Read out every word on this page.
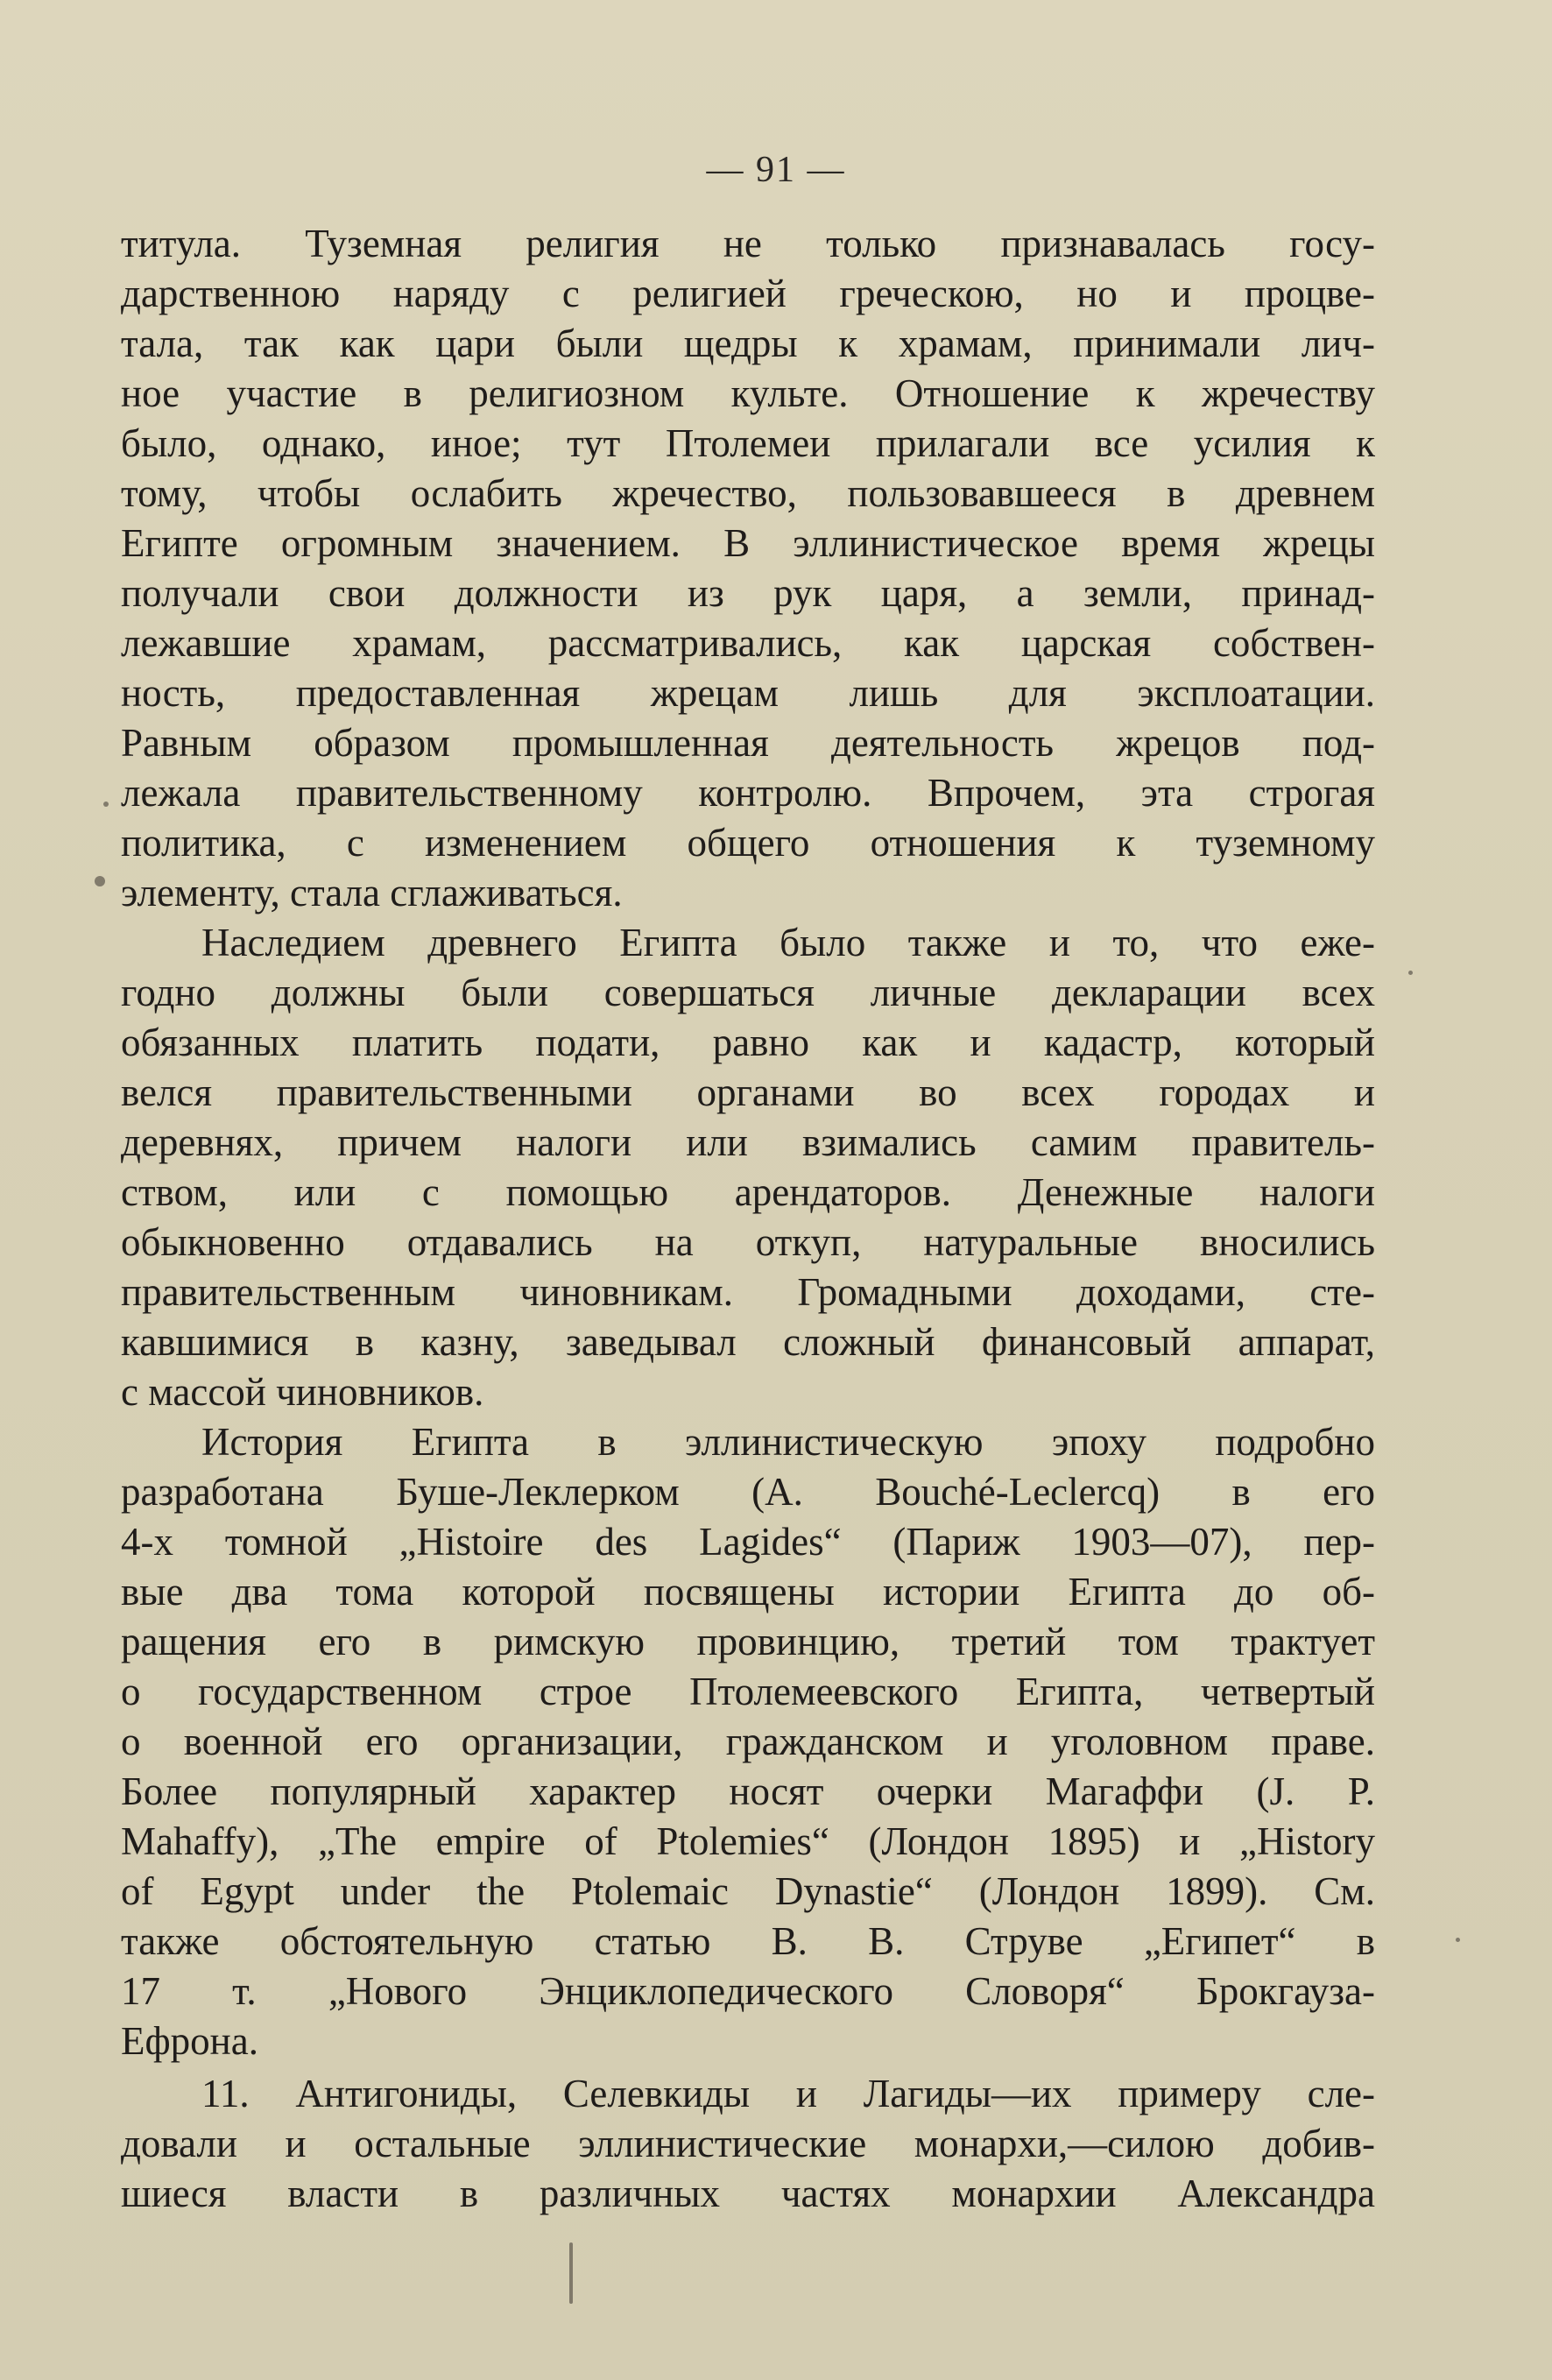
— 91 —
титула. Туземная религия не только признавалась госу-
дарственною наряду с религией греческою, но и процве-
тала, так как цари были щедры к храмам, принимали лич-
ное участие в религиозном культе. Отношение к жречеству
было, однако, иное; тут Птолемеи прилагали все усилия к
тому, чтобы ослабить жречество, пользовавшееся в древнем
Египте огромным значением. В эллинистическое время жрецы
получали свои должности из рук царя, а земли, принад-
лежавшие храмам, рассматривались, как царская собствен-
ность, предоставленная жрецам лишь для эксплоатации.
Равным образом промышленная деятельность жрецов под-
лежала правительственному контролю. Впрочем, эта строгая
политика, с изменением общего отношения к туземному
элементу, стала сглаживаться.
Наследием древнего Египта было также и то, что еже-
годно должны были совершаться личные декларации всех
обязанных платить подати, равно как и кадастр, который
велся правительственными органами во всех городах и
деревнях, причем налоги или взимались самим правитель-
ством, или с помощью арендаторов. Денежные налоги
обыкновенно отдавались на откуп, натуральные вносились
правительственным чиновникам. Громадными доходами, сте-
кавшимися в казну, заведывал сложный финансовый аппарат,
с массой чиновников.
История Египта в эллинистическую эпоху подробно
разработана Буше-Леклерком (A. Bouché-Leclercq) в его
4-х томной „Histoire des Lagides“ (Париж 1903—07), пер-
вые два тома которой посвящены истории Египта до об-
ращения его в римскую провинцию, третий том трактует
о государственном строе Птолемеевского Египта, четвертый
о военной его организации, гражданском и уголовном праве.
Более популярный характер носят очерки Магаффи (J. P.
Mahaffy), „The empire of Ptolemies“ (Лондон 1895) и „History
of Egypt under the Ptolemaic Dynastie“ (Лондон 1899). См.
также обстоятельную статью В. В. Струве „Египет“ в
17 т. „Нового Энциклопедического Словоря“ Брокгауза-
Ефрона.
11. Антигониды, Селевкиды и Лагиды—их примеру сле-
довали и остальные эллинистические монархи,—силою добив-
шиеся власти в различных частях монархии Александра
